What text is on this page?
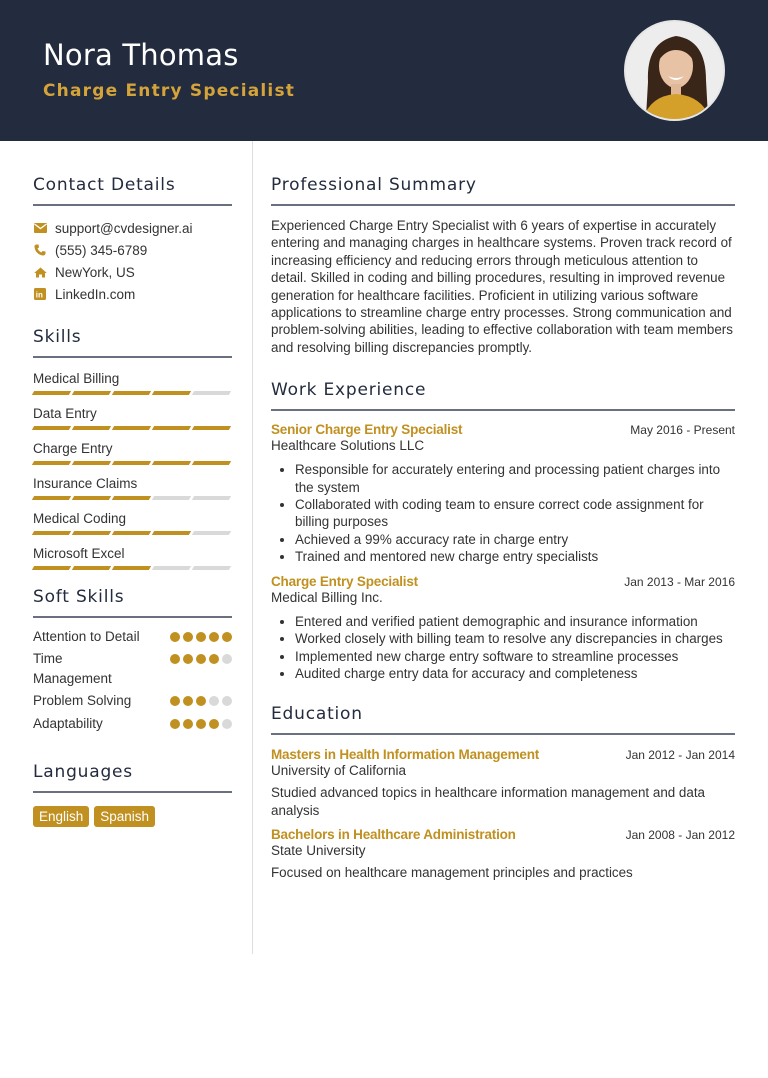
Nora Thomas
Charge Entry Specialist
Contact Details
support@cvdesigner.ai
(555) 345-6789
NewYork, US
in LinkedIn.com
Skills
Medical Billing
Data Entry
Charge Entry
Insurance Claims
Medical Coding
Microsoft Excel
Soft Skills
Attention to Detail
Time Management
Problem Solving
Adaptability
Languages
English	Spanish
Professional Summary

Experienced Charge Entry Specialist with 6 years of expertise in accurately entering and managing charges in healthcare systems. Proven track record of increasing efficiency and reducing errors through meticulous attention to detail. Skilled in coding and billing procedures, resulting in improved revenue generation for healthcare facilities. Proficient in utilizing various software applications to streamline charge entry processes. Strong communication and problem-solving abilities, leading to effective collaboration with team members and resolving billing discrepancies promptly.

Work Experience
Senior Charge Entry Specialist	May 2016 - Present
Healthcare Solutions LLC
• Responsible for accurately entering and processing patient charges into the system
• Collaborated with coding team to ensure correct code assignment for billing purposes
• Achieved a 99% accuracy rate in charge entry
• Trained and mentored new charge entry specialists
Charge Entry Specialist	Jan 2013 - Mar 2016
Medical Billing Inc.
• Entered and verified patient demographic and insurance information
• Worked closely with billing team to resolve any discrepancies in charges
• Implemented new charge entry software to streamline processes
• Audited charge entry data for accuracy and completeness
Education
Masters in Health Information Management	Jan 2012 - Jan 2014
University of California

Studied advanced topics in healthcare information management and data analysis

Bachelors in Healthcare Administration	Jan 2008 - Jan 2012
State University

Focused on healthcare management principles and practices
